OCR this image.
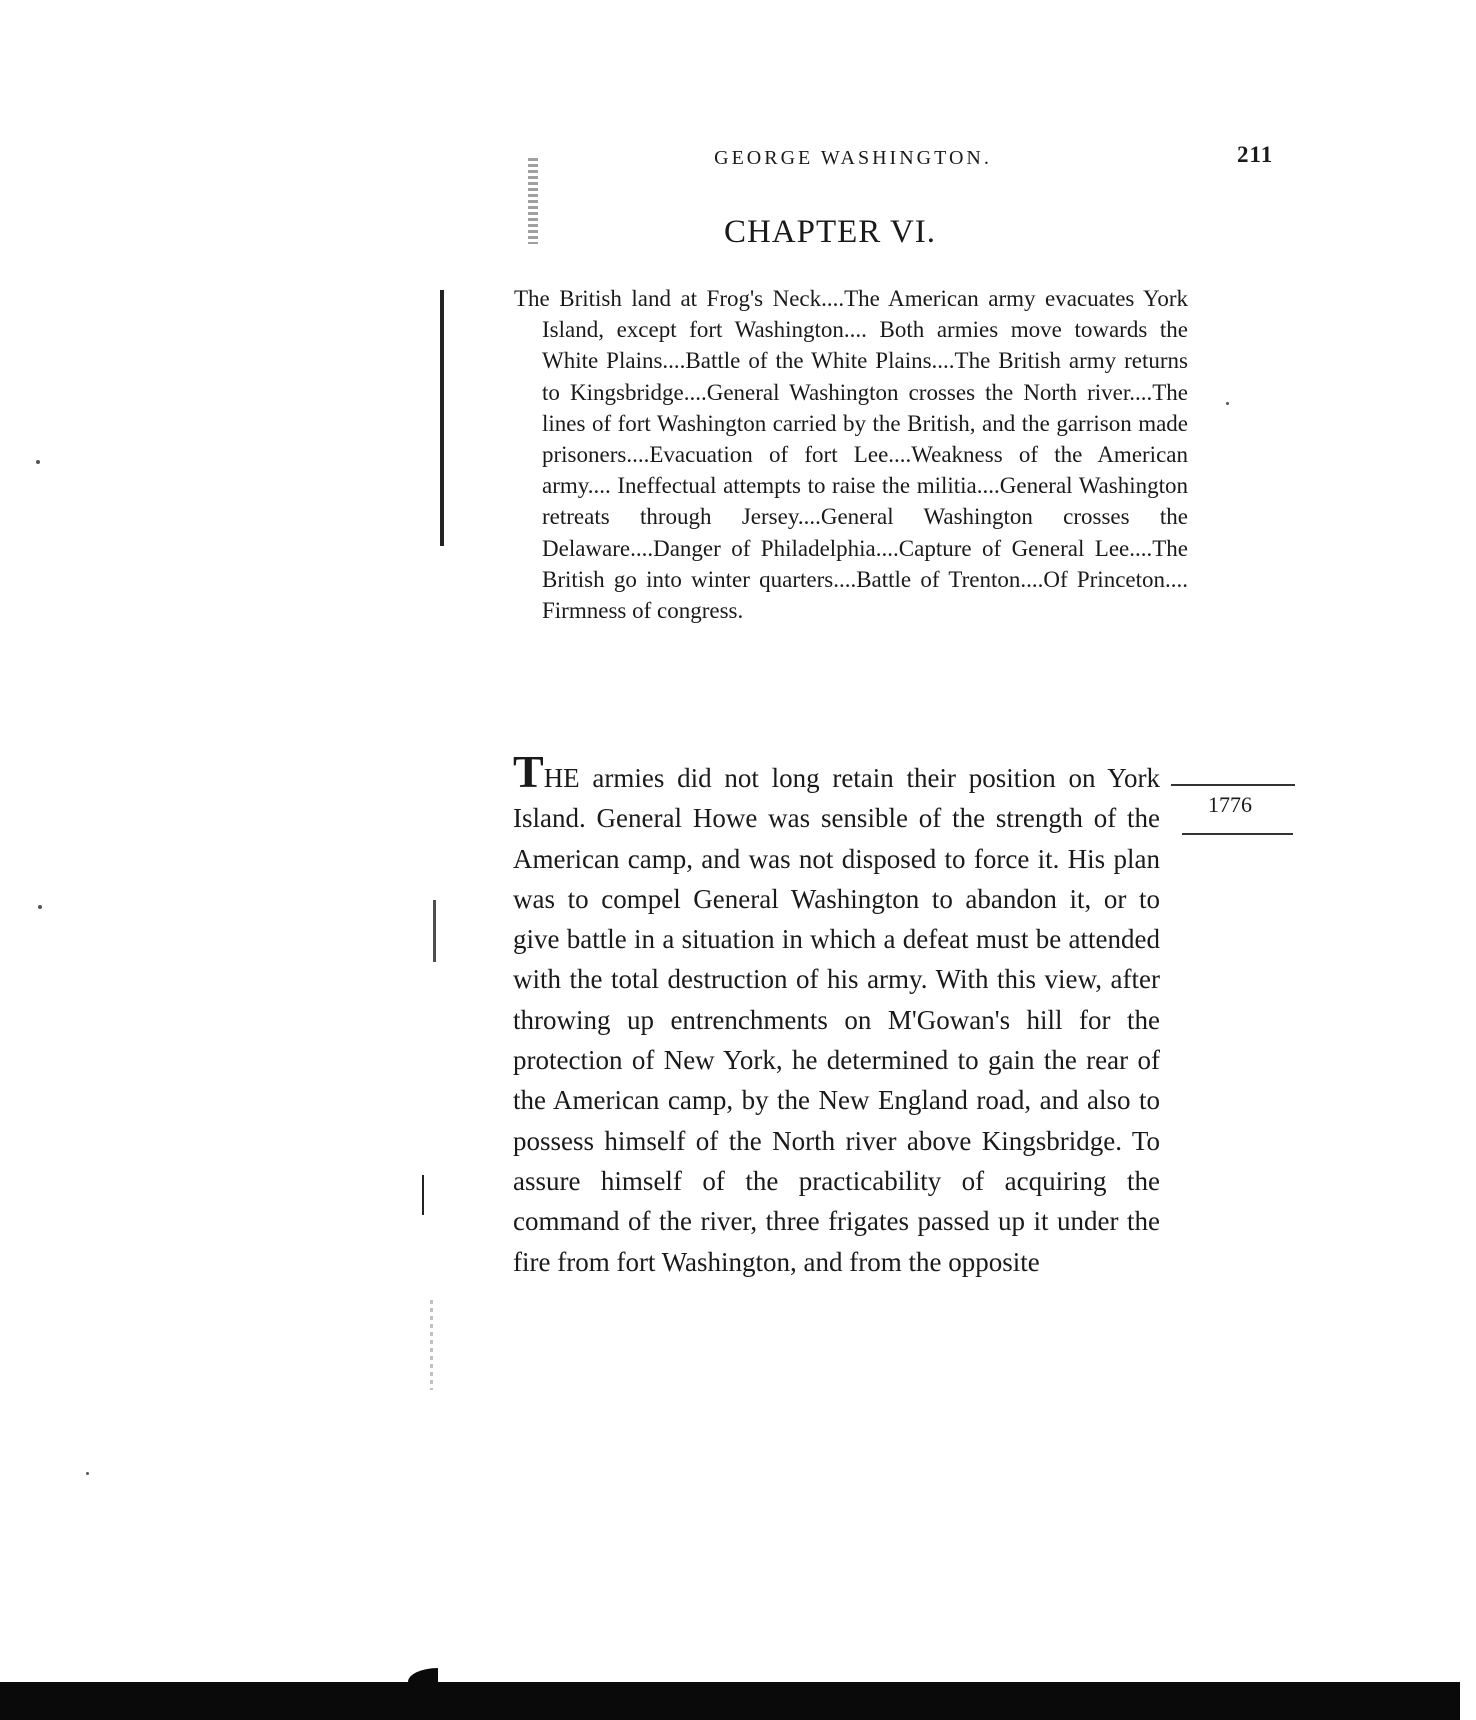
GEORGE WASHINGTON.	211
CHAPTER VI.
The British land at Frog's Neck....The American army evacuates York Island, except fort Washington.... Both armies move towards the White Plains....Battle of the White Plains....The British army returns to Kingsbridge....General Washington crosses the North river....The lines of fort Washington carried by the British, and the garrison made prisoners....Evacuation of fort Lee....Weakness of the American army.... Ineffectual attempts to raise the militia....General Washington retreats through Jersey....General Washington crosses the Delaware....Danger of Philadelphia....Capture of General Lee....The British go into winter quarters....Battle of Trenton....Of Princeton.... Firmness of congress.
THE armies did not long retain their position on York Island. General Howe was sensible of the strength of the American camp, and was not disposed to force it. His plan was to compel General Washington to abandon it, or to give battle in a situation in which a defeat must be attended with the total destruction of his army. With this view, after throwing up entrenchments on M'Gowan's hill for the protection of New York, he determined to gain the rear of the American camp, by the New England road, and also to possess himself of the North river above Kingsbridge. To assure himself of the practicability of acquiring the command of the river, three frigates passed up it under the fire from fort Washington, and from the opposite
1776
